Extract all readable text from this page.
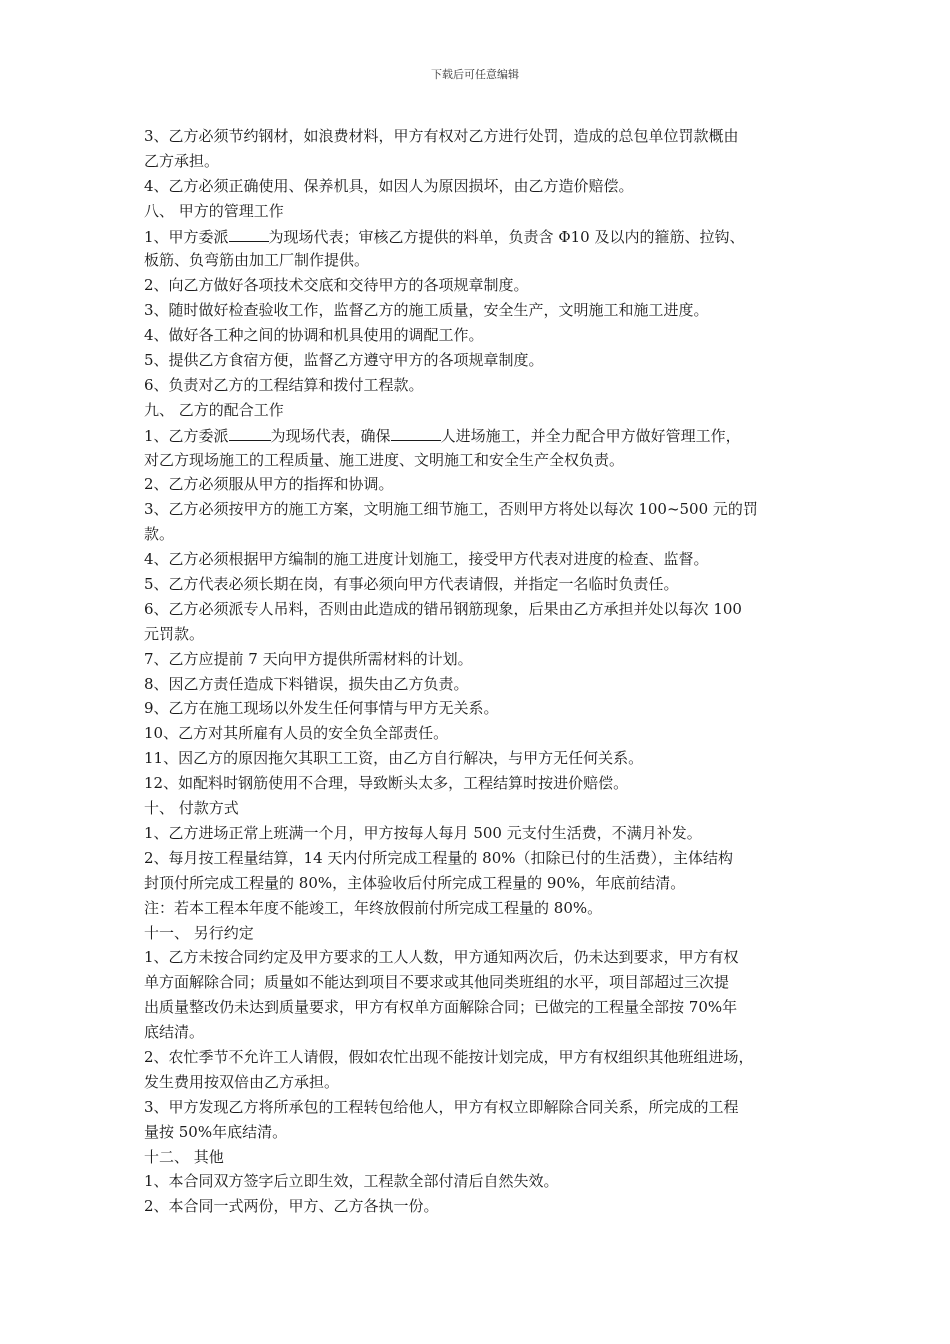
下载后可任意编辑
3、乙方必须节约钢材，如浪费材料，甲方有权对乙方进行处罚，造成的总包单位罚款概由
乙方承担。
4、乙方必须正确使用、保养机具，如因人为原因损坏，由乙方造价赔偿。
八、 甲方的管理工作
1、甲方委派	为现场代表；审核乙方提供的料单，负责含 Φ10 及以内的箍筋、拉钩、
板筋、负弯筋由加工厂制作提供。
2、向乙方做好各项技术交底和交待甲方的各项规章制度。
3、随时做好检查验收工作，监督乙方的施工质量，安全生产，文明施工和施工进度。
4、做好各工种之间的协调和机具使用的调配工作。
5、提供乙方食宿方便，监督乙方遵守甲方的各项规章制度。
6、负责对乙方的工程结算和拨付工程款。
九、 乙方的配合工作
1、乙方委派	为现场代表，确保	人进场施工，并全力配合甲方做好管理工作，
对乙方现场施工的工程质量、施工进度、文明施工和安全生产全权负责。
2、乙方必须服从甲方的指挥和协调。
3、乙方必须按甲方的施工方案，文明施工细节施工，否则甲方将处以每次 100~500 元的罚
款。
4、乙方必须根据甲方编制的施工进度计划施工，接受甲方代表对进度的检查、监督。
5、乙方代表必须长期在岗，有事必须向甲方代表请假，并指定一名临时负责任。
6、乙方必须派专人吊料，否则由此造成的错吊钢筋现象，后果由乙方承担并处以每次 100
元罚款。
7、乙方应提前 7 天向甲方提供所需材料的计划。
8、因乙方责任造成下料错误，损失由乙方负责。
9、乙方在施工现场以外发生任何事情与甲方无关系。
10、乙方对其所雇有人员的安全负全部责任。
11、因乙方的原因拖欠其职工工资，由乙方自行解决，与甲方无任何关系。
12、如配料时钢筋使用不合理，导致断头太多，工程结算时按进价赔偿。
十、 付款方式
1、乙方进场正常上班满一个月，甲方按每人每月 500 元支付生活费，不满月补发。
2、每月按工程量结算，14 天内付所完成工程量的 80%（扣除已付的生活费），主体结构
封顶付所完成工程量的 80%，主体验收后付所完成工程量的 90%，年底前结清。
注：若本工程本年度不能竣工，年终放假前付所完成工程量的 80%。
十一、 另行约定
1、乙方未按合同约定及甲方要求的工人人数，甲方通知两次后，仍未达到要求，甲方有权
单方面解除合同；质量如不能达到项目不要求或其他同类班组的水平，项目部超过三次提
出质量整改仍未达到质量要求，甲方有权单方面解除合同；已做完的工程量全部按 70%年
底结清。
2、农忙季节不允许工人请假，假如农忙出现不能按计划完成，甲方有权组织其他班组进场，
发生费用按双倍由乙方承担。
3、甲方发现乙方将所承包的工程转包给他人，甲方有权立即解除合同关系，所完成的工程
量按 50%年底结清。
十二、 其他
1、本合同双方签字后立即生效，工程款全部付清后自然失效。
2、本合同一式两份，甲方、乙方各执一份。
